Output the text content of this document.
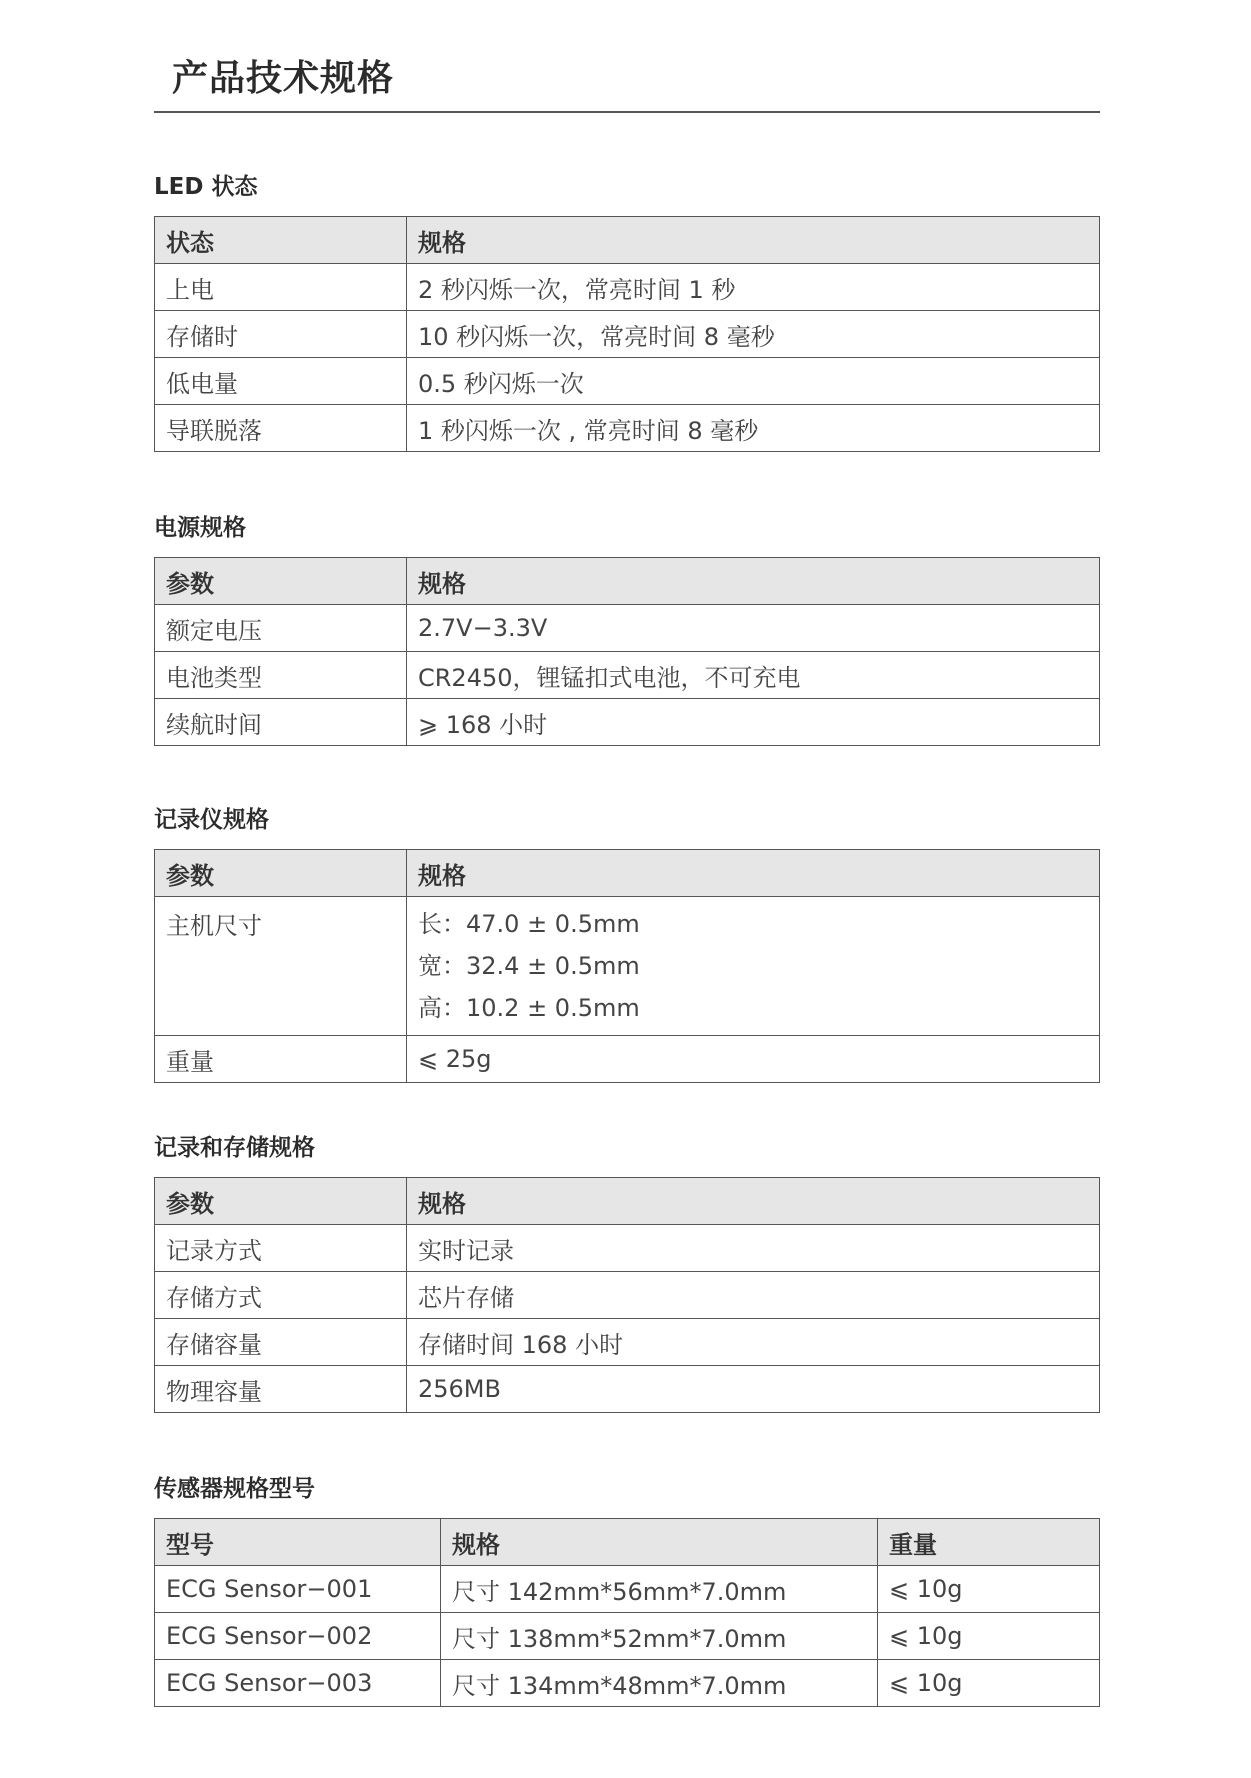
产品技术规格
LED 状态
状态	规格
上电	2 秒闪烁一次，常亮时间 1 秒
存储时	10 秒闪烁一次，常亮时间 8 毫秒
低电量	0.5 秒闪烁一次
导联脱落	1 秒闪烁一次 , 常亮时间 8 毫秒
电源规格
参数	规格
额定电压	2.7V−3.3V
电池类型	CR2450，锂锰扣式电池，不可充电
续航时间	⩾ 168 小时
记录仪规格
参数	规格
主机尺寸	长：47.0 ± 0.5mm
宽：32.4 ± 0.5mm
高：10.2 ± 0.5mm

重量	⩽ 25g
记录和存储规格
参数	规格
记录方式	实时记录
存储方式	芯片存储
存储容量	存储时间 168 小时
物理容量	256MB
传感器规格型号
型号	规格	重量
ECG Sensor−001	尺寸 142mm*56mm*7.0mm	⩽ 10g
ECG Sensor−002	尺寸 138mm*52mm*7.0mm	⩽ 10g
ECG Sensor−003	尺寸 134mm*48mm*7.0mm	⩽ 10g
